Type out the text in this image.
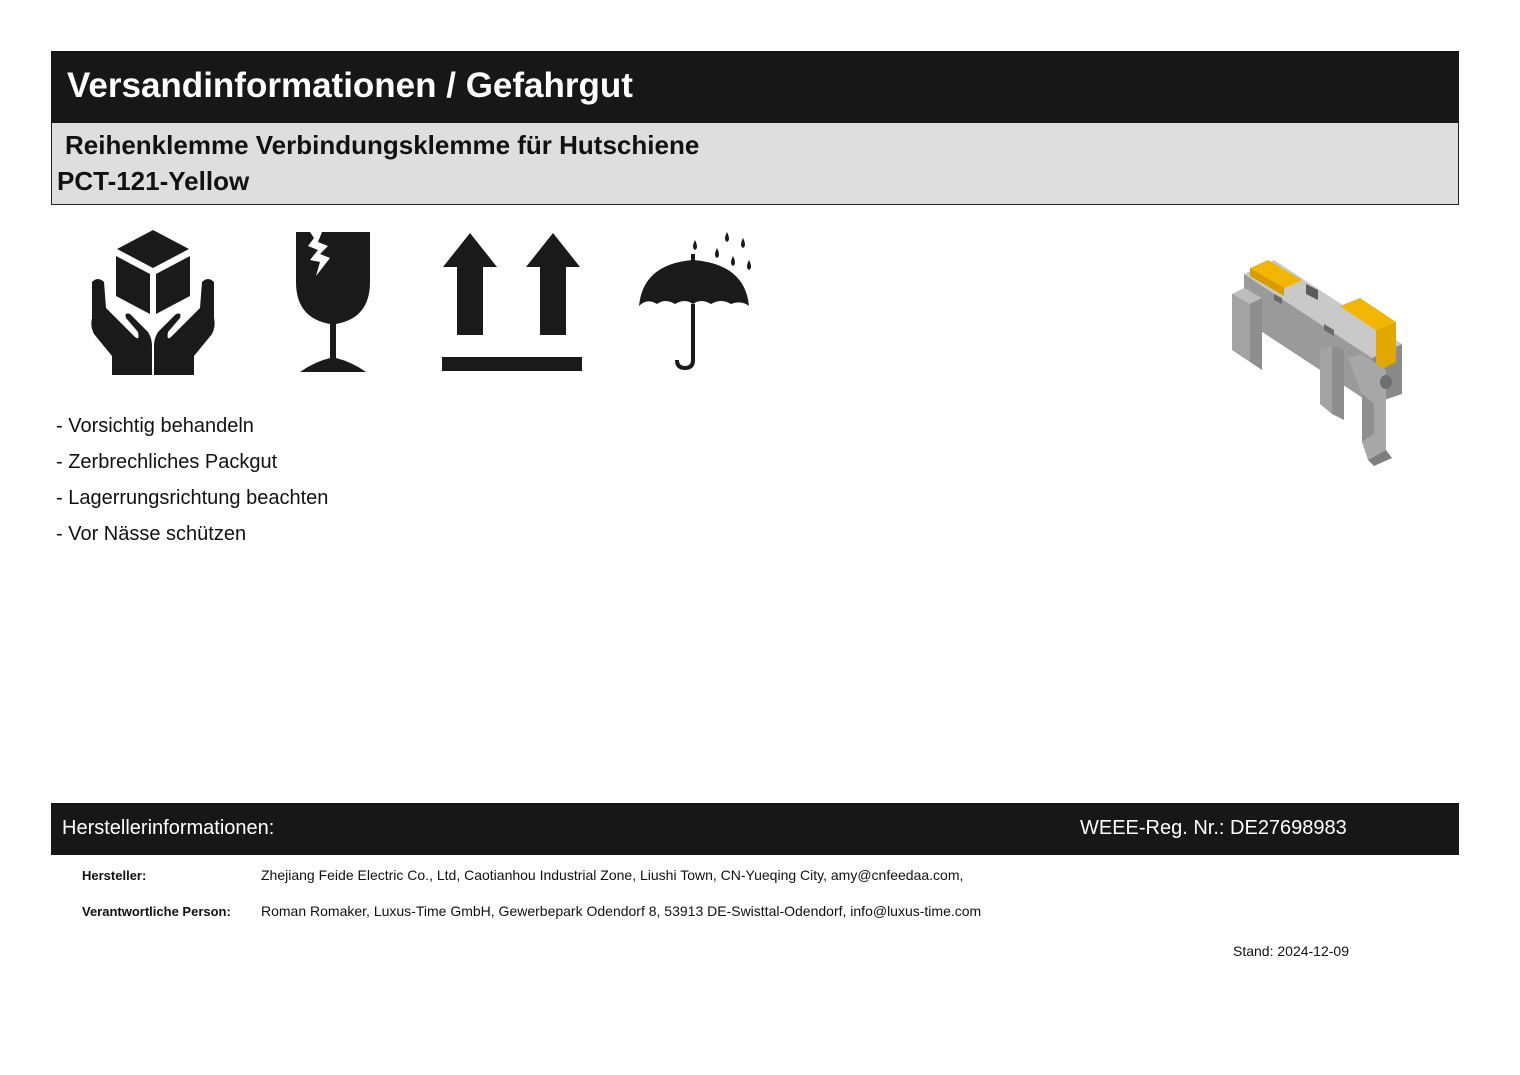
Versandinformationen / Gefahrgut
Reihenklemme Verbindungsklemme für Hutschiene
PCT-121-Yellow
- Vorsichtig behandeln
- Zerbrechliches Packgut
- Lagerrungsrichtung beachten
- Vor Nässe schützen
Herstellerinformationen:	WEEE-Reg. Nr.: DE27698983
Hersteller:	Zhejiang Feide Electric Co., Ltd, Caotianhou Industrial Zone, Liushi Town, CN-Yueqing City, amy@cnfeedaa.com,
Verantwortliche Person: Roman Romaker, Luxus-Time GmbH, Gewerbepark Odendorf 8, 53913 DE-Swisttal-Odendorf, info@luxus-time.com
Stand: 2024-12-09
